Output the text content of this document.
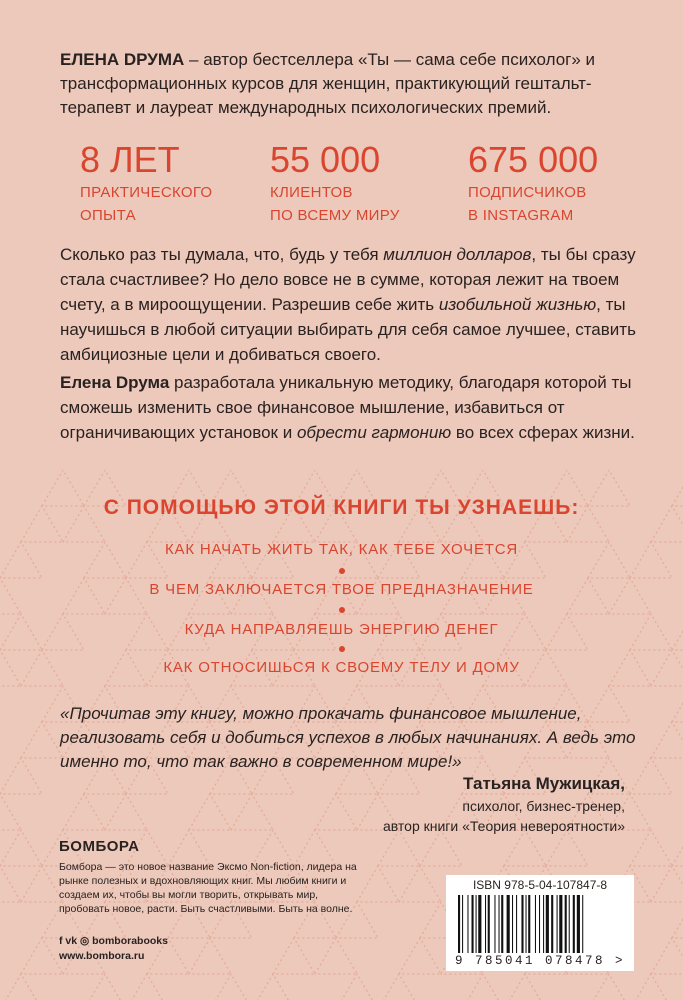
ЕЛЕНА DРУМА – автор бестселлера «Ты — сама себе психолог» и трансформационных курсов для женщин, практикующий гештальт-терапевт и лауреат международных психологических премий.

8 ЛЕТ
ПРАКТИЧЕСКОГО
ОПЫТА
55 000
КЛИЕНТОВ
ПО ВСЕМУ МИРУ
675 000
ПОДПИСЧИКОВ
В INSTAGRAM

Сколько раз ты думала, что, будь у тебя миллион долларов, ты бы сразу стала счастливее? Но дело вовсе не в сумме, которая лежит на твоем счету, а в мироощущении. Разрешив себе жить изобильной жизнью, ты научишься в любой ситуации выбирать для себя самое лучшее, ставить амбициозные цели и добиваться своего.

Елена Dрума разработала уникальную методику, благодаря которой ты сможешь изменить свое финансовое мышление, избавиться от ограничивающих установок и обрести гармонию во всех сферах жизни.

С ПОМОЩЬЮ ЭТОЙ КНИГИ ТЫ УЗНАЕШЬ:
КАК НАЧАТЬ ЖИТЬ ТАК, КАК ТЕБЕ ХОЧЕТСЯ
В ЧЕМ ЗАКЛЮЧАЕТСЯ ТВОЕ ПРЕДНАЗНАЧЕНИЕ
КУДА НАПРАВЛЯЕШЬ ЭНЕРГИЮ ДЕНЕГ
КАК ОТНОСИШЬСЯ К СВОЕМУ ТЕЛУ И ДОМУ

«Прочитав эту книгу, можно прокачать финансовое мышление, реализовать себя и добиться успехов в любых начинаниях. А ведь это именно то, что так важно в современном мире!»

Татьяна Мужицкая,
психолог, бизнес-тренер,
автор книги «Теория невероятности»
БОМБОРА
Бомбора — это новое название Эксмо Non-fiction, лидера на рынке полезных и вдохновляющих книг. Мы любим книги и создаем их, чтобы вы могли творить, открывать мир, пробовать новое, расти. Быть счастливыми. Быть на волне.
f vk ◎ bomborabooks
www.bombora.ru
ISBN 978-5-04-107847-8
9 785041 078478 >
